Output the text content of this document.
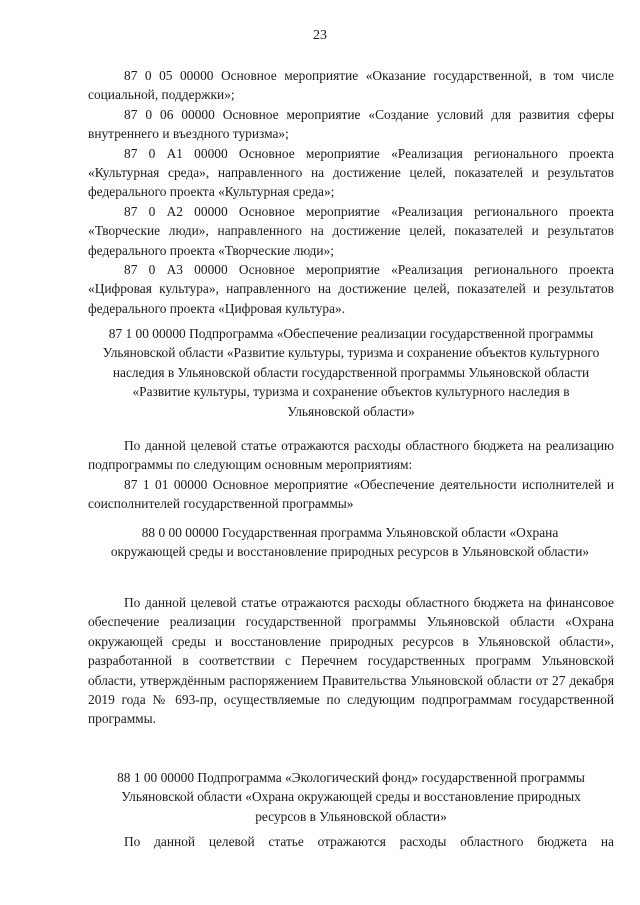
23

87 0 05 00000 Основное мероприятие «Оказание государственной, в том числе социальной, поддержки»;

87 0 06 00000 Основное мероприятие «Создание условий для развития сферы внутреннего и въездного туризма»;

87 0 А1 00000 Основное мероприятие «Реализация регионального проекта «Культурная среда», направленного на достижение целей, показателей и результатов федерального проекта «Культурная среда»;

87 0 А2 00000 Основное мероприятие «Реализация регионального проекта «Творческие люди», направленного на достижение целей, показателей и результатов федерального проекта «Творческие люди»;

87 0 А3 00000 Основное мероприятие «Реализация регионального проекта «Цифровая культура», направленного на достижение целей, показателей и результатов федерального проекта «Цифровая культура».

87 1 00 00000 Подпрограмма «Обеспечение реализации государственной программы Ульяновской области «Развитие культуры, туризма и сохранение объектов культурного наследия в Ульяновской области государственной программы Ульяновской области «Развитие культуры, туризма и сохранение объектов культурного наследия в Ульяновской области»

По данной целевой статье отражаются расходы областного бюджета на реализацию подпрограммы по следующим основным мероприятиям:

87 1 01 00000 Основное мероприятие «Обеспечение деятельности исполнителей и соисполнителей государственной программы»

88 0 00 00000 Государственная программа Ульяновской области «Охрана окружающей среды и восстановление природных ресурсов в Ульяновской области»

По данной целевой статье отражаются расходы областного бюджета на финансовое обеспечение реализации государственной программы Ульяновской области «Охрана окружающей среды и восстановление природных ресурсов в Ульяновской области», разработанной в соответствии с Перечнем государственных программ Ульяновской области, утверждённым распоряжением Правительства Ульяновской области от 27 декабря 2019 года № 693-пр, осуществляемые по следующим подпрограммам государственной программы.

88 1 00 00000 Подпрограмма «Экологический фонд» государственной программы Ульяновской области «Охрана окружающей среды и восстановление природных ресурсов в Ульяновской области»

По данной целевой статье отражаются расходы областного бюджета на
